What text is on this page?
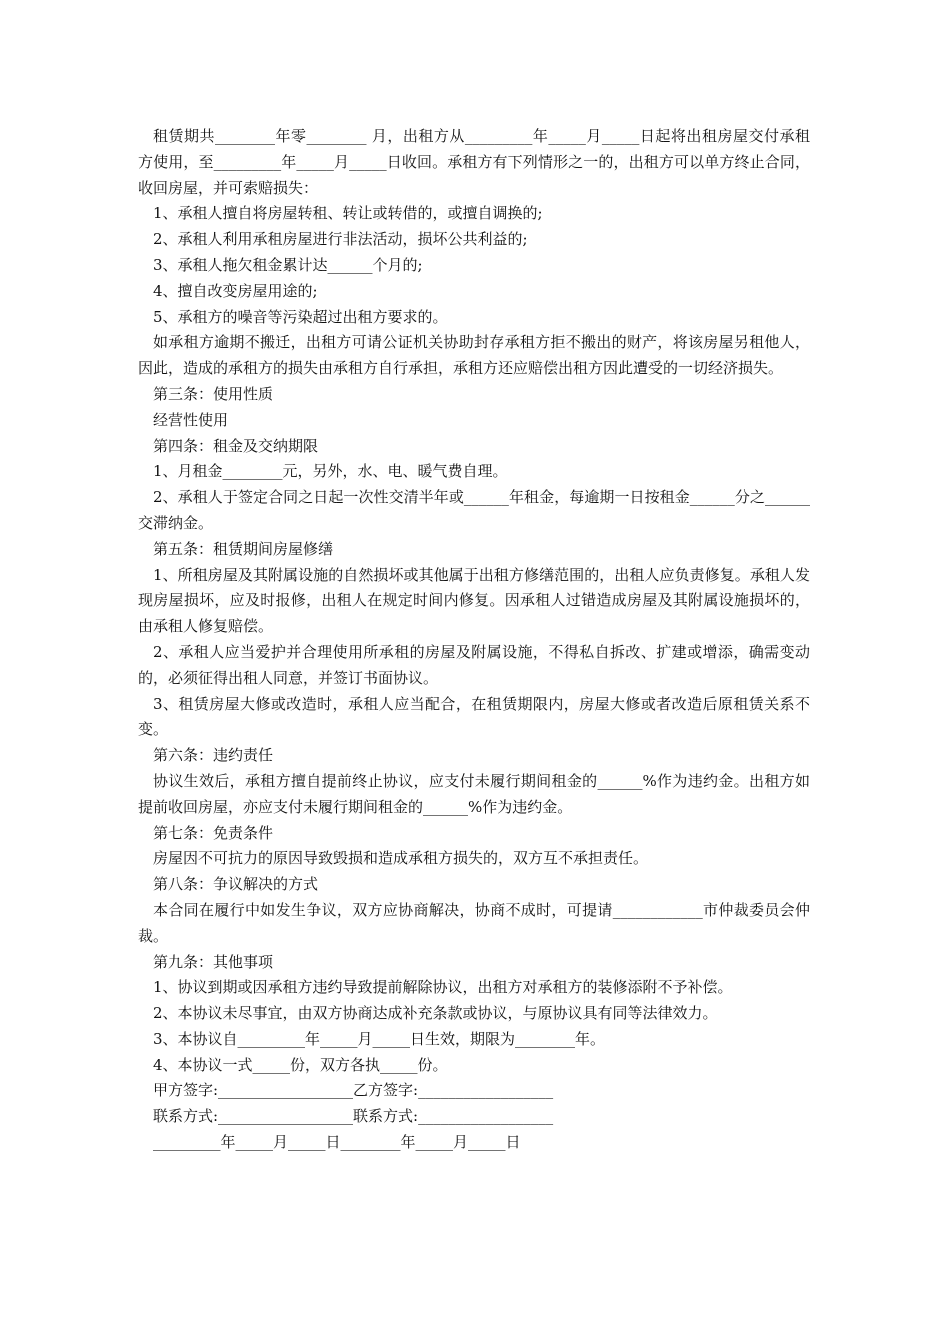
租赁期共________年零________ 月，出租方从_________年_____月_____日起将出租房屋交付承租方使用，至_________年_____月_____日收回。承租方有下列情形之一的，出租方可以单方终止合同，收回房屋，并可索赔损失：

1、承租人擅自将房屋转租、转让或转借的，或擅自调换的;

2、承租人利用承租房屋进行非法活动，损坏公共利益的;

3、承租人拖欠租金累计达______个月的;

4、擅自改变房屋用途的;

5、承租方的噪音等污染超过出租方要求的。

如承租方逾期不搬迁，出租方可请公证机关协助封存承租方拒不搬出的财产，将该房屋另租他人，因此，造成的承租方的损失由承租方自行承担，承租方还应赔偿出租方因此遭受的一切经济损失。

第三条：使用性质

经营性使用

第四条：租金及交纳期限

1、月租金________元，另外，水、电、暖气费自理。

2、承租人于签定合同之日起一次性交清半年或______年租金，每逾期一日按租金______分之______交滞纳金。

第五条：租赁期间房屋修缮

1、所租房屋及其附属设施的自然损坏或其他属于出租方修缮范围的，出租人应负责修复。承租人发现房屋损坏，应及时报修，出租人在规定时间内修复。因承租人过错造成房屋及其附属设施损坏的，由承租人修复赔偿。

2、承租人应当爱护并合理使用所承租的房屋及附属设施，不得私自拆改、扩建或增添，确需变动的，必须征得出租人同意，并签订书面协议。

3、租赁房屋大修或改造时，承租人应当配合，在租赁期限内，房屋大修或者改造后原租赁关系不变。

第六条：违约责任

协议生效后，承租方擅自提前终止协议，应支付未履行期间租金的______%作为违约金。出租方如提前收回房屋，亦应支付未履行期间租金的______%作为违约金。

第七条：免责条件

房屋因不可抗力的原因导致毁损和造成承租方损失的，双方互不承担责任。

第八条：争议解决的方式

本合同在履行中如发生争议，双方应协商解决，协商不成时，可提请____________市仲裁委员会仲裁。

第九条：其他事项

1、协议到期或因承租方违约导致提前解除协议，出租方对承租方的装修添附不予补偿。

2、本协议未尽事宜，由双方协商达成补充条款或协议，与原协议具有同等法律效力。

3、本协议自_________年_____月_____日生效，期限为________年。

4、本协议一式_____份，双方各执_____份。

甲方签字:__________________乙方签字:__________________

联系方式:__________________联系方式:__________________

_________年_____月_____日________年_____月_____日
